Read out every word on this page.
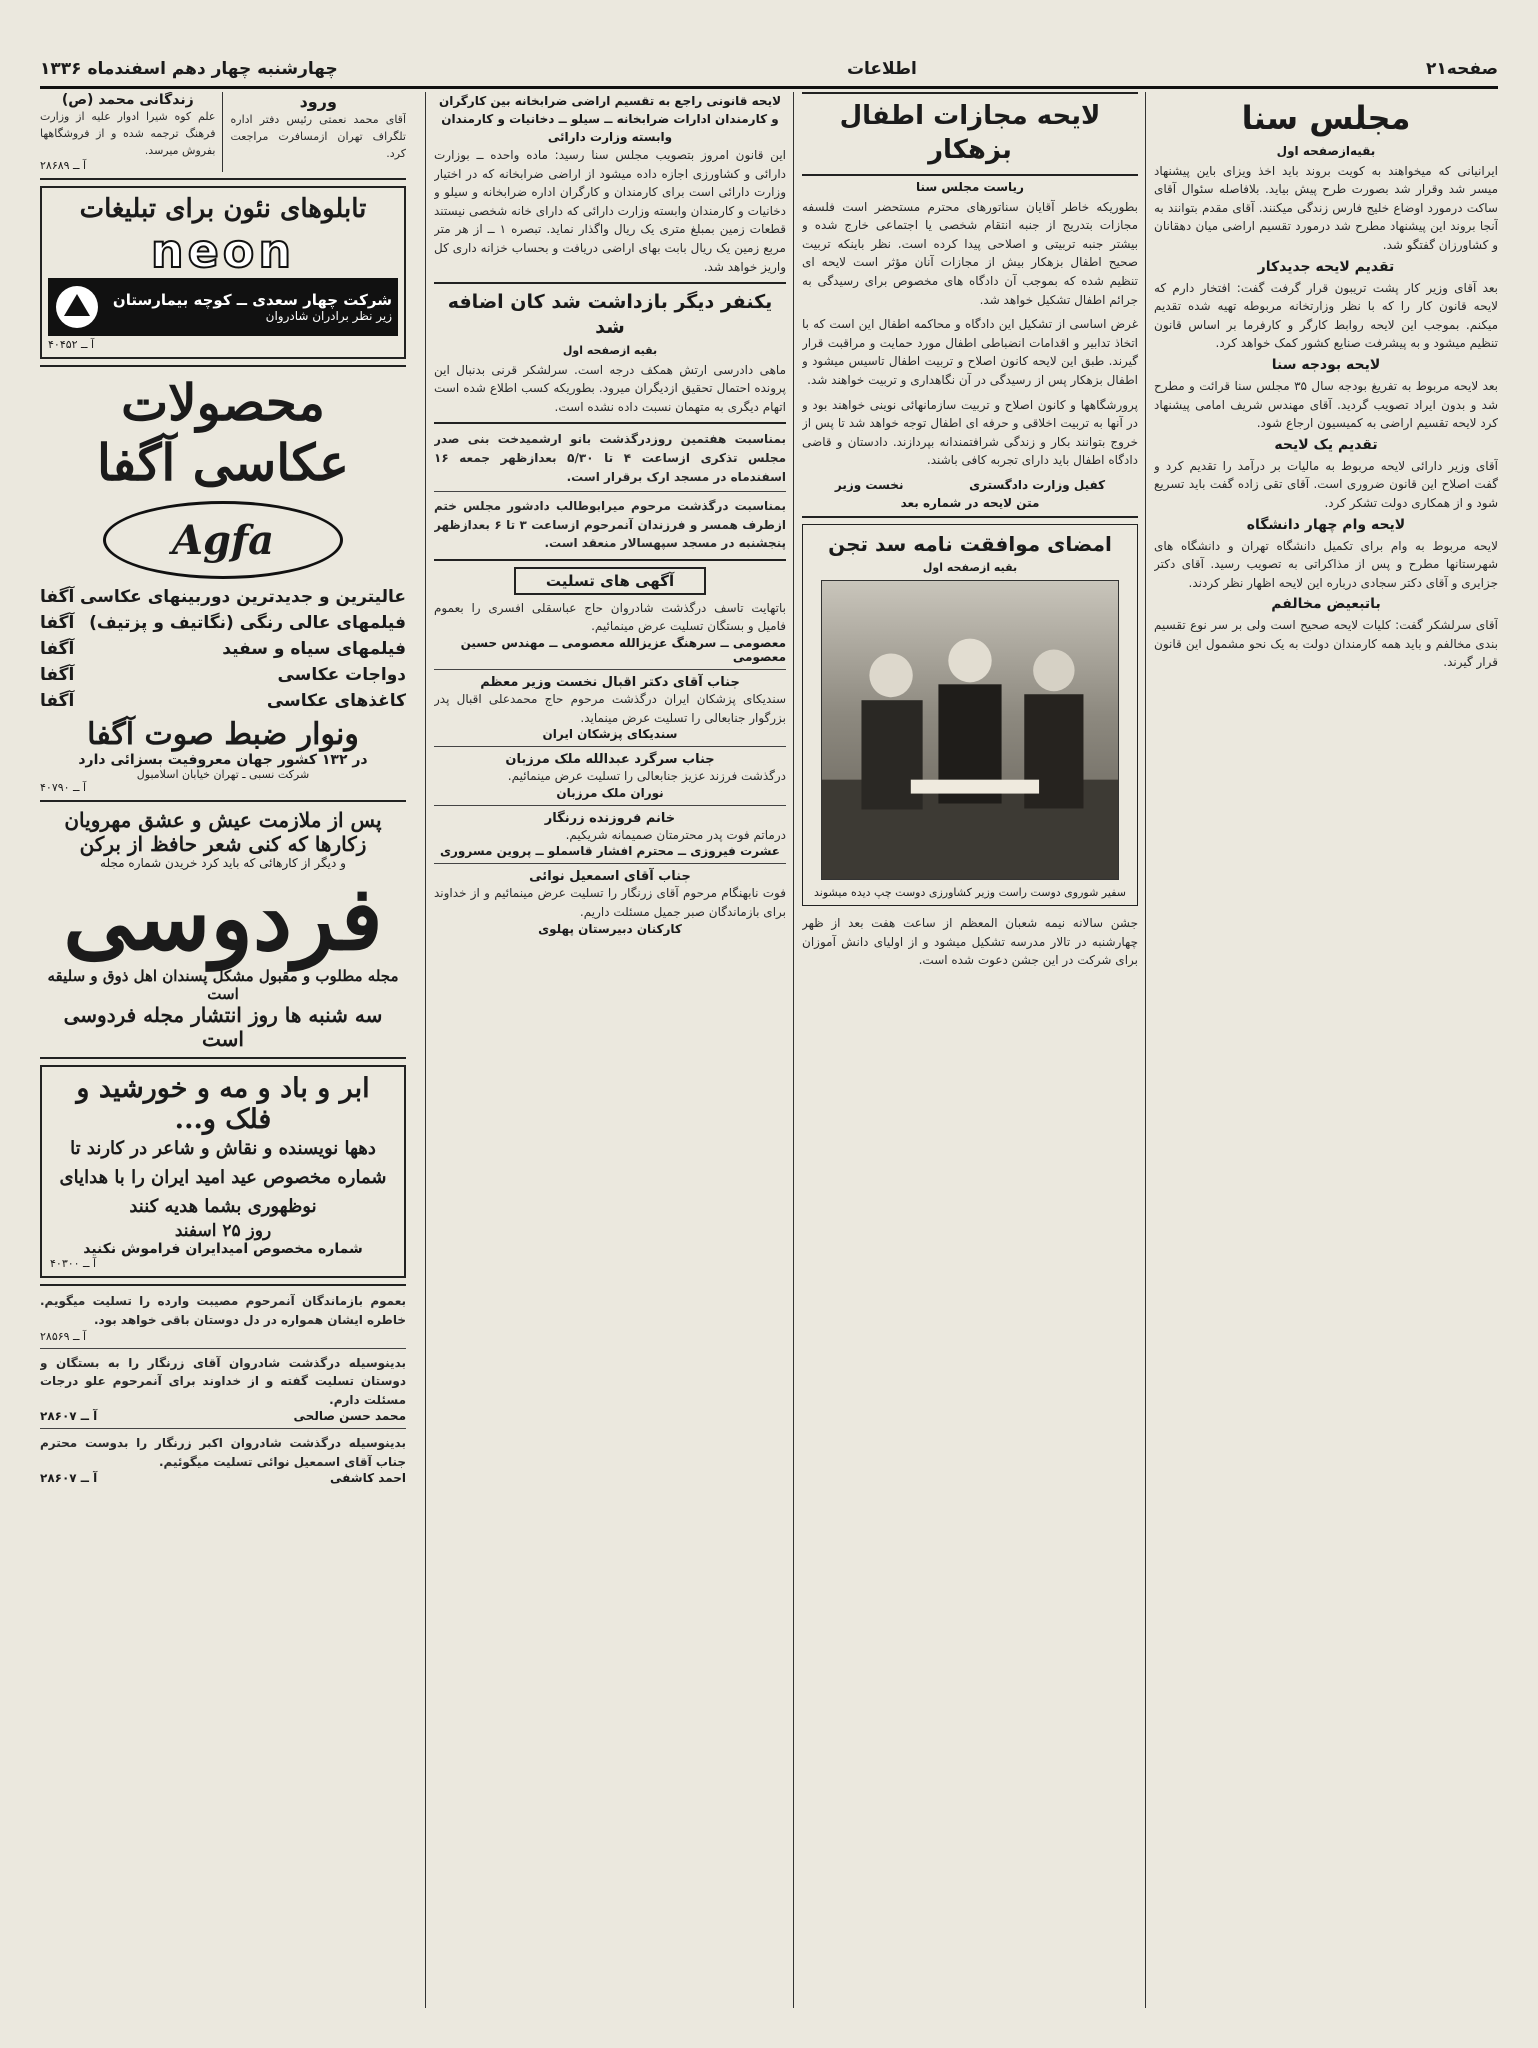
صفحه۲۱
اطلاعات
چهارشنبه چهار دهم اسفندماه ۱۳۳۶
مجلس سنا
بقیه‌ازصفحه اول

ایرانیانی که میخواهند به کویت بروند باید اخذ ویزای باین پیشنهاد میسر شد وقرار شد بصورت طرح پیش بیاید. بلافاصله سئوال آقای ساکت درمورد اوضاع خلیج فارس زندگی میکنند. آقای مقدم بتوانند به آنجا بروند این پیشنهاد مطرح شد درمورد تقسیم اراضی میان دهقانان و کشاورزان گفتگو شد.

تقدیم لایحه جدیدکار

بعد آقای وزیر کار پشت تریبون قرار گرفت گفت: افتخار دارم که لایحه قانون کار را که با نظر وزارتخانه مربوطه تهیه شده تقدیم میکنم. بموجب این لایحه روابط کارگر و کارفرما بر اساس قانون تنظیم میشود و به پیشرفت صنایع کشور کمک خواهد کرد.

لایحه بودجه سنا

بعد لایحه مربوط به تفریغ بودجه سال ۳۵ مجلس سنا قرائت و مطرح شد و بدون ایراد تصویب گردید. آقای مهندس شریف امامی پیشنهاد کرد لایحه تقسیم اراضی به کمیسیون ارجاع شود.

تقدیم یک لایحه

آقای وزیر دارائی لایحه مربوط به مالیات بر درآمد را تقدیم کرد و گفت اصلاح این قانون ضروری است. آقای تقی زاده گفت باید تسریع شود و از همکاری دولت تشکر کرد.

لایحه وام چهار دانشگاه

لایحه مربوط به وام برای تکمیل دانشگاه تهران و دانشگاه های شهرستانها مطرح و پس از مذاکراتی به تصویب رسید. آقای دکتر جزایری و آقای دکتر سجادی درباره این لایحه اظهار نظر کردند.

باتبعیض مخالفم

آقای سرلشکر گفت: کلیات لایحه صحیح است ولی بر سر نوع تقسیم بندی مخالفم و باید همه کارمندان دولت به یک نحو مشمول این قانون قرار گیرند.

لایحه مجازات اطفال بزهکار
ریاست مجلس سنا

بطوریکه خاطر آقایان سناتورهای محترم مستحضر است فلسفه مجازات بتدریج از جنبه انتقام شخصی یا اجتماعی خارج شده و بیشتر جنبه تربیتی و اصلاحی پیدا کرده است. نظر باینکه تربیت صحیح اطفال بزهکار بیش از مجازات آنان مؤثر است لایحه ای تنظیم شده که بموجب آن دادگاه های مخصوص برای رسیدگی به جرائم اطفال تشکیل خواهد شد.

غرض اساسی از تشکیل این دادگاه و محاکمه اطفال این است که با اتخاذ تدابیر و اقدامات انضباطی اطفال مورد حمایت و مراقبت قرار گیرند. طبق این لایحه کانون اصلاح و تربیت اطفال تاسیس میشود و اطفال بزهکار پس از رسیدگی در آن نگاهداری و تربیت خواهند شد.

پرورشگاهها و کانون اصلاح و تربیت سازمانهائی نوینی خواهند بود و در آنها به تربیت اخلاقی و حرفه ای اطفال توجه خواهد شد تا پس از خروج بتوانند بکار و زندگی شرافتمندانه بپردازند. دادستان و قاضی دادگاه اطفال باید دارای تجربه کافی باشند.

کفیل وزارت دادگستری
نخست وزیر
متن لایحه در شماره بعد
امضای موافقت نامه سد تجن
بقیه ازصفحه اول
سفیر شوروی دوست راست وزیر کشاورزی دوست چپ دیده میشوند

جشن سالانه نیمه شعبان المعظم از ساعت هفت بعد از ظهر چهارشنبه در تالار مدرسه تشکیل میشود و از اولیای دانش آموزان برای شرکت در این جشن دعوت شده است.

لایحه قانونی راجع به تقسیم اراضی ضرابخانه بین کارگران و کارمندان ادارات ضرابخانه ــ سیلو ــ دخانیات و کارمندان وابسته وزارت دارائی

این قانون امروز بتصویب مجلس سنا رسید: ماده واحده ــ بوزارت دارائی و کشاورزی اجازه داده میشود از اراضی ضرابخانه که در اختیار وزارت دارائی است برای کارمندان و کارگران اداره ضرابخانه و سیلو و دخانیات و کارمندان وابسته وزارت دارائی که دارای خانه شخصی نیستند قطعات زمین بمبلغ متری یک ریال واگذار نماید. تبصره ۱ ــ از هر متر مربع زمین یک ریال بابت بهای اراضی دریافت و بحساب خزانه داری کل واریز خواهد شد.

یکنفر دیگر بازداشت شد کان اضافه شد
بقیه ازصفحه اول

ماهی دادرسی ارتش همکف درجه است. سرلشکر قرنی بدنبال این پرونده احتمال تحقیق ازدیگران میرود. بطوریکه کسب اطلاع شده است اتهام دیگری به متهمان نسبت داده نشده است.

بمناسبت هفتمین روزدرگذشت بانو ارشمیدخت بنی صدر مجلس تذکری ازساعت ۴ تا ۵/۳۰ بعدازظهر جمعه ۱۶ اسفندماه در مسجد ارک برقرار است.

بمناسبت درگذشت مرحوم میرابوطالب دادشور مجلس ختم ازطرف همسر و فرزندان آنمرحوم ازساعت ۳ تا ۶ بعدازظهر پنجشنبه در مسجد سپهسالار منعقد است.

آگهی های تسلیت

باتهایت تاسف درگذشت شادروان حاج عباسقلی افسری را بعموم فامیل و بستگان تسلیت عرض مینمائیم.

معصومی ــ سرهنگ عزیزالله معصومی ــ مهندس حسین معصومی
جناب آقای دکتر اقبال نخست وزیر معظم

سندیکای پزشکان ایران درگذشت مرحوم حاج محمدعلی اقبال پدر بزرگوار جنابعالی را تسلیت عرض مینماید.

سندیکای پزشکان ایران
جناب سرگرد عبدالله ملک مرزبان

درگذشت فرزند عزیز جنابعالی را تسلیت عرض مینمائیم.

نوران ملک مرزبان
خانم فروزنده زرنگار

درماتم فوت پدر محترمتان صمیمانه شریکیم.

عشرت فیروزی ــ محترم افشار قاسملو ــ پروین مسروری
جناب آقای اسمعیل نوائی

فوت نابهنگام مرحوم آقای زرنگار را تسلیت عرض مینمائیم و از خداوند برای بازماندگان صبر جمیل مسئلت داریم.

کارکنان دبیرستان پهلوی
ورود

آقای محمد نعمتی رئیس دفتر اداره تلگراف تهران ازمسافرت مراجعت کرد.

زندگانی محمد (ص)

علم کوه شیرا ادوار علیه از وزارت فرهنگ ترجمه شده و از فروشگاهها بفروش میرسد.

آ ــ ۲۸۶۸۹
تابلوهای نئون برای تبلیغات
neon
شرکت چهار سعدی ــ کوچه بیمارستان
زیر نظر برادران شادروان
آ ــ ۴۰۴۵۲
محصولات عکاسی آگفا
Agfa
عالیترین و جدیدترین دوربینهای عکاسی
آگفا
فیلمهای عالی رنگی (نگاتیف و پزتیف)
آگفا
فیلمهای سیاه و سفید
آگفا
دواجات عکاسی
آگفا
کاغذهای عکاسی
آگفا
ونوار ضبط صوت آگفا
در ۱۳۲ کشور جهان معروفیت بسزائی دارد
شرکت نسبی ـ تهران خیابان اسلامبول
آ ــ ۴۰۷۹۰
پس از ملازمت عیش و عشق مهرویان زکارها که کنی شعر حافظ از برکن
و دیگر از کارهائی که باید کرد خریدن شماره مجله
فردوسی
مجله مطلوب و مقبول مشکل پسندان اهل ذوق و سلیقه است
سه شنبه ها روز انتشار مجله فردوسی است
ابر و باد و مه و خورشید و فلک و...
دهها نویسنده و نقاش و شاعر در کارند تا شماره مخصوص عید امید ایران را با هدایای نوظهوری بشما هدیه کنند
روز ۲۵ اسفند
شماره مخصوص امیدایران فراموش نکنید
آ ــ ۴۰۳۰۰

بعموم بازماندگان آنمرحوم مصیبت وارده را تسلیت میگویم. خاطره ایشان همواره در دل دوستان باقی خواهد بود.

آ ــ ۲۸۵۶۹

بدینوسیله درگذشت شادروان آقای زرنگار را به بستگان و دوستان تسلیت گفته و از خداوند برای آنمرحوم علو درجات مسئلت دارم.

محمد حسن صالحی
آ ــ ۲۸۶۰۷

بدینوسیله درگذشت شادروان اکبر زرنگار را بدوست محترم جناب آقای اسمعیل نوائی تسلیت میگوئیم.

احمد کاشفی
آ ــ ۲۸۶۰۷
